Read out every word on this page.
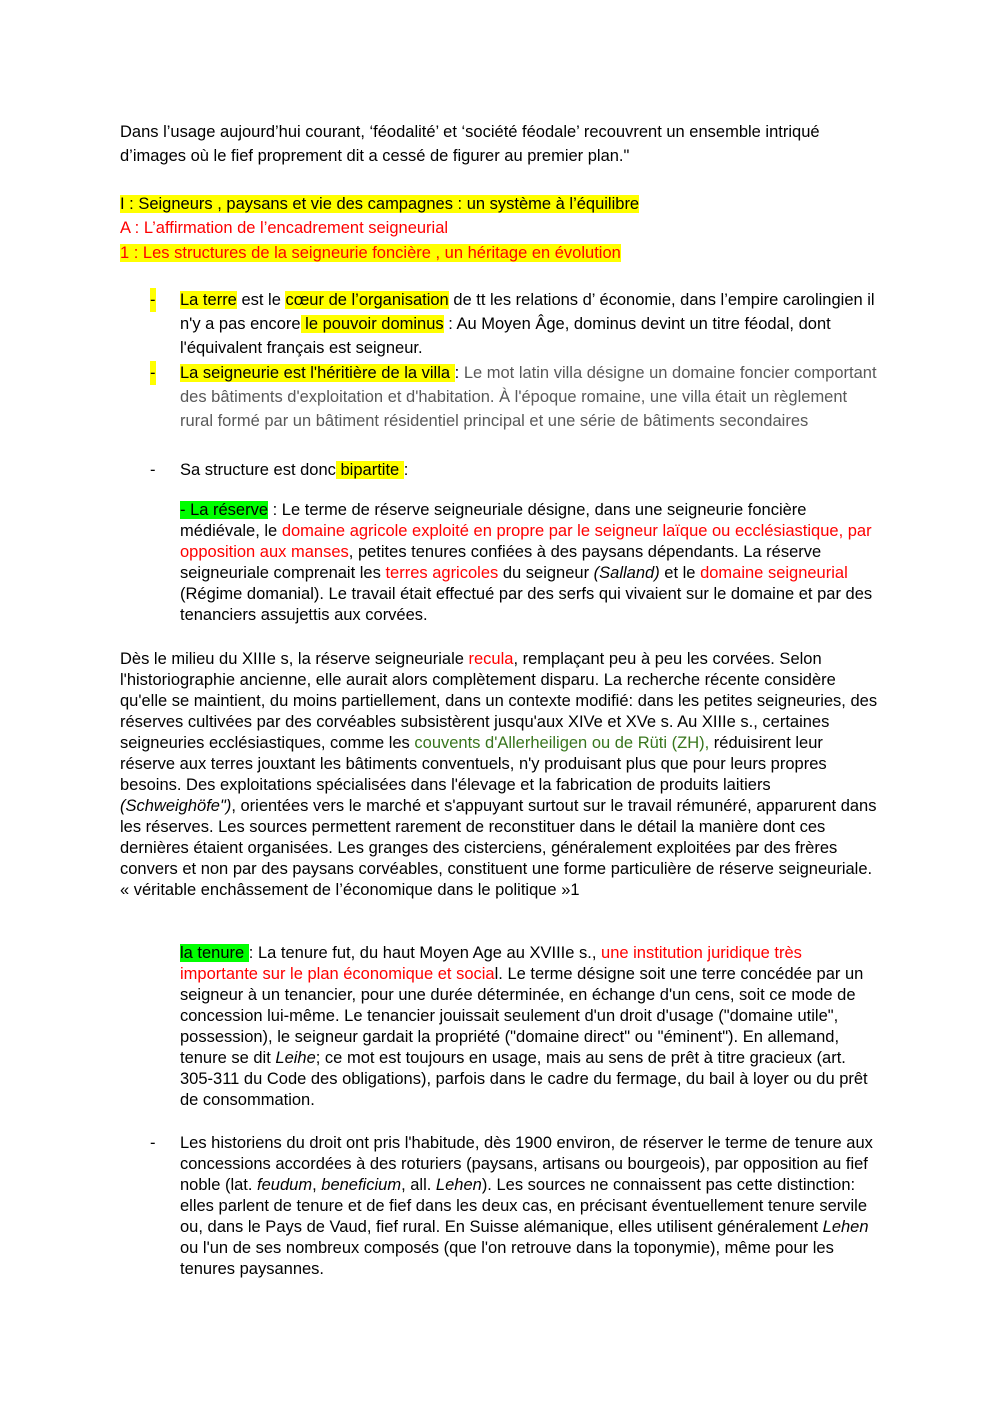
Dans l’usage aujourd’hui courant, ‘féodalité’ et ‘société féodale’ recouvrent un ensemble intriqué d’images où le fief proprement dit a cessé de figurer au premier plan."
I : Seigneurs , paysans et vie des campagnes : un système à l’équilibre
A : L’affirmation de l’encadrement seigneurial
1 : Les structures de la seigneurie foncière , un héritage en évolution
- La terre est le cœur de l’organisation de tt les relations d’ économie, dans l’empire carolingien il n'y a pas encore le pouvoir dominus : Au Moyen Âge, dominus devint un titre féodal, dont l'équivalent français est seigneur.
- La seigneurie est l'héritière de la villa : Le mot latin villa désigne un domaine foncier comportant des bâtiments d'exploitation et d'habitation. À l'époque romaine, une villa était un règlement rural formé par un bâtiment résidentiel principal et une série de bâtiments secondaires
- Sa structure est donc bipartite :
- La réserve : Le terme de réserve seigneuriale désigne, dans une seigneurie foncière médiévale, le domaine agricole exploité en propre par le seigneur laïque ou ecclésiastique, par opposition aux manses, petites tenures confiées à des paysans dépendants. La réserve seigneuriale comprenait les terres agricoles du seigneur (Salland) et le domaine seigneurial (Régime domanial). Le travail était effectué par des serfs qui vivaient sur le domaine et par des tenanciers assujettis aux corvées.
Dès le milieu du XIIIe s, la réserve seigneuriale recula, remplaçant peu à peu les corvées. Selon l'historiographie ancienne, elle aurait alors complètement disparu. La recherche récente considère qu'elle se maintient, du moins partiellement, dans un contexte modifié: dans les petites seigneuries, des réserves cultivées par des corvéables subsistèrent jusqu'aux XIVe et XVe s. Au XIIIe s., certaines seigneuries ecclésiastiques, comme les couvents d'Allerheiligen ou de Rüti (ZH), réduisirent leur réserve aux terres jouxtant les bâtiments conventuels, n'y produisant plus que pour leurs propres besoins. Des exploitations spécialisées dans l'élevage et la fabrication de produits laitiers (Schweighöfe"), orientées vers le marché et s'appuyant surtout sur le travail rémunéré, apparurent dans les réserves. Les sources permettent rarement de reconstituer dans le détail la manière dont ces dernières étaient organisées. Les granges des cisterciens, généralement exploitées par des frères convers et non par des paysans corvéables, constituent une forme particulière de réserve seigneuriale. « véritable enchâssement de l’économique dans le politique »1
la tenure : La tenure fut, du haut Moyen Age au XVIIIe s., une institution juridique très importante sur le plan économique et social. Le terme désigne soit une terre concédée par un seigneur à un tenancier, pour une durée déterminée, en échange d'un cens, soit ce mode de concession lui-même. Le tenancier jouissait seulement d'un droit d'usage ("domaine utile", possession), le seigneur gardait la propriété ("domaine direct" ou "éminent"). En allemand, tenure se dit Leihe; ce mot est toujours en usage, mais au sens de prêt à titre gracieux (art. 305-311 du Code des obligations), parfois dans le cadre du fermage, du bail à loyer ou du prêt de consommation.
- Les historiens du droit ont pris l'habitude, dès 1900 environ, de réserver le terme de tenure aux concessions accordées à des roturiers (paysans, artisans ou bourgeois), par opposition au fief noble (lat. feudum, beneficium, all. Lehen). Les sources ne connaissent pas cette distinction: elles parlent de tenure et de fief dans les deux cas, en précisant éventuellement tenure servile ou, dans le Pays de Vaud, fief rural. En Suisse alémanique, elles utilisent généralement Lehen ou l'un de ses nombreux composés (que l'on retrouve dans la toponymie), même pour les tenures paysannes.
